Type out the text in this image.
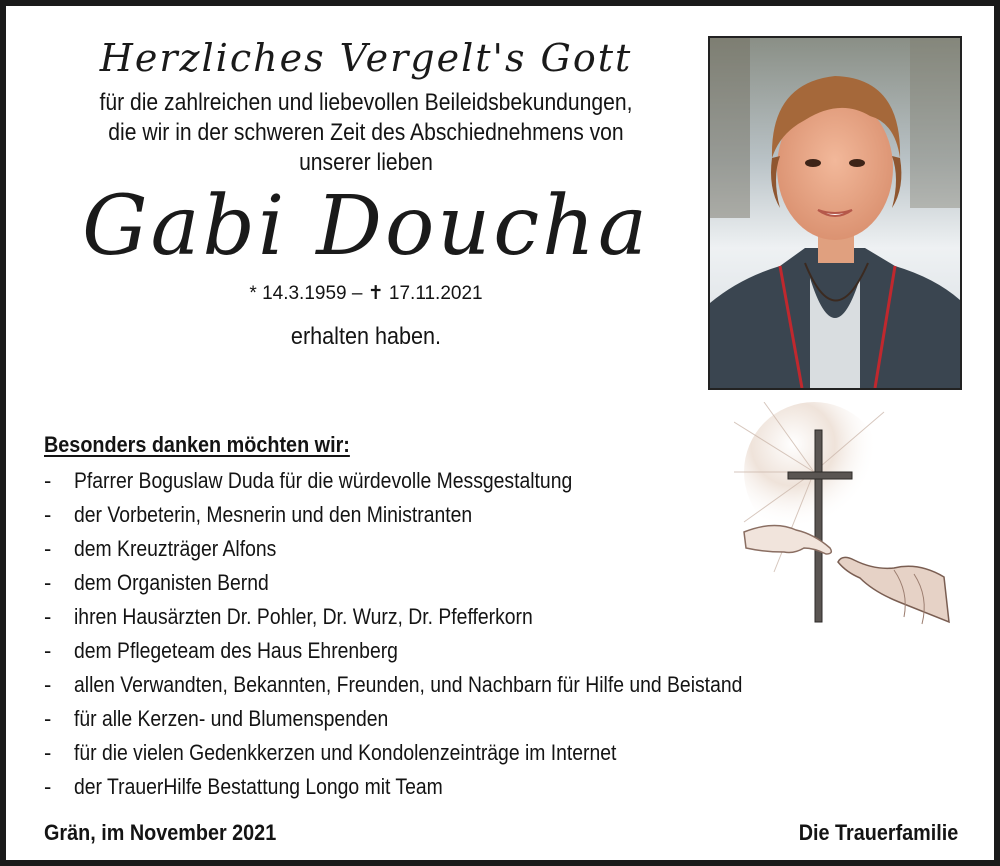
Herzliches Vergelt's Gott
für die zahlreichen und liebevollen Beileidsbekundungen,
die wir in der schweren Zeit des Abschiednehmens von
unserer lieben
Gabi Doucha
* 14.3.1959 – ✝ 17.11.2021
erhalten haben.
Besonders danken möchten wir:
-	Pfarrer Boguslaw Duda für die würdevolle Messgestaltung
-	der Vorbeterin, Mesnerin und den Ministranten
-	dem Kreuzträger Alfons
-	dem Organisten Bernd
-	ihren Hausärzten Dr. Pohler, Dr. Wurz, Dr. Pfefferkorn
-	dem Pflegeteam des Haus Ehrenberg
-	allen Verwandten, Bekannten, Freunden, und Nachbarn für Hilfe und Beistand
-	für alle Kerzen- und Blumenspenden
-	für die vielen Gedenkkerzen und Kondolenzeinträge im Internet
-	der TrauerHilfe Bestattung Longo mit Team
Grän, im November 2021	Die Trauerfamilie
